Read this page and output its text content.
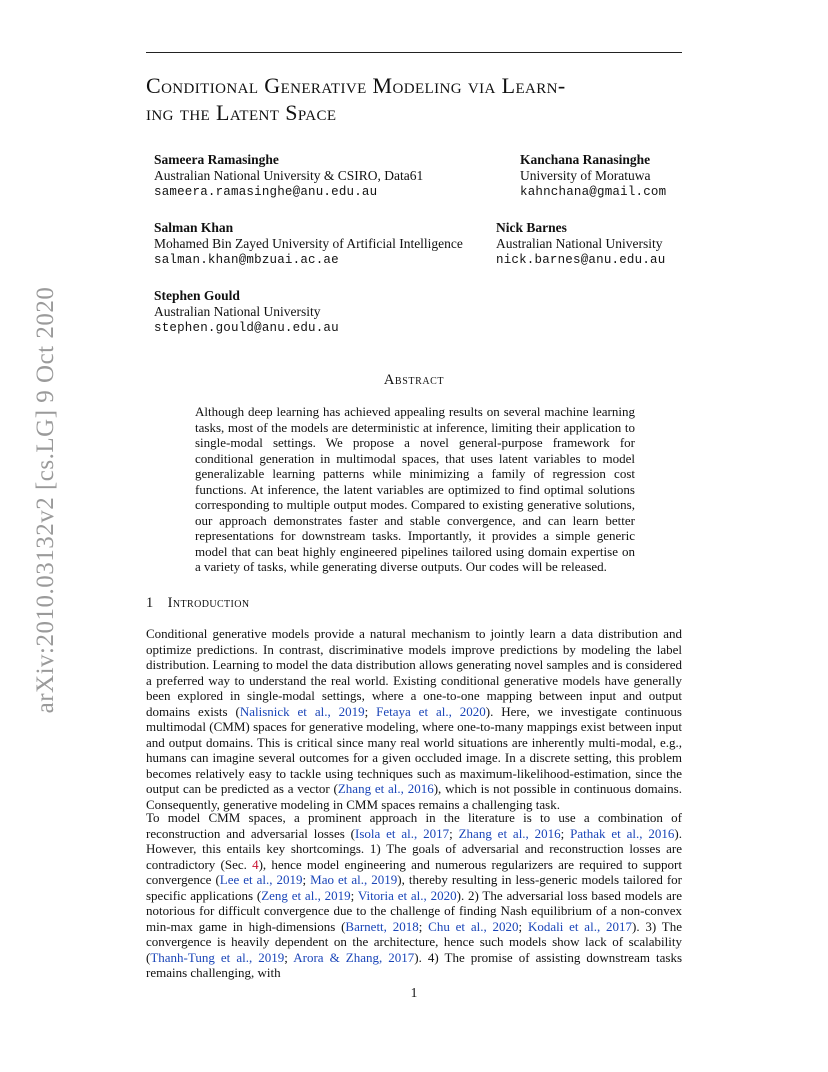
Conditional Generative Modeling via Learn-
ing the Latent Space
Sameera Ramasinghe
Australian National University & CSIRO, Data61
sameera.ramasinghe@anu.edu.au
Kanchana Ranasinghe
University of Moratuwa
kahnchana@gmail.com
Salman Khan
Mohamed Bin Zayed University of Artificial Intelligence
salman.khan@mbzuai.ac.ae
Nick Barnes
Australian National University
nick.barnes@anu.edu.au
Stephen Gould
Australian National University
stephen.gould@anu.edu.au
arXiv:2010.03132v2 [cs.LG] 9 Oct 2020	Abstract
Although deep learning has achieved appealing results on several machine learning tasks, most of the models are deterministic at inference, limiting their application to single-modal settings. We propose a novel general-purpose framework for conditional generation in multimodal spaces, that uses latent variables to model generalizable learning patterns while minimizing a family of regression cost functions. At inference, the latent variables are optimized to find optimal solutions corresponding to multiple output modes. Compared to existing generative solutions, our approach demonstrates faster and stable convergence, and can learn better representations for downstream tasks. Importantly, it provides a simple generic model that can beat highly engineered pipelines tailored using domain expertise on a variety of tasks, while generating diverse outputs. Our codes will be released.
1 Introduction

Conditional generative models provide a natural mechanism to jointly learn a data distribution and optimize predictions. In contrast, discriminative models improve predictions by modeling the label distribution. Learning to model the data distribution allows generating novel samples and is considered a preferred way to understand the real world. Existing conditional generative models have generally been explored in single-modal settings, where a one-to-one mapping between input and output domains exists (Nalisnick et al., 2019; Fetaya et al., 2020). Here, we investigate continuous multimodal (CMM) spaces for generative modeling, where one-to-many mappings exist between input and output domains. This is critical since many real world situations are inherently multi-modal, e.g., humans can imagine several outcomes for a given occluded image. In a discrete setting, this problem becomes relatively easy to tackle using techniques such as maximum-likelihood-estimation, since the output can be predicted as a vector (Zhang et al., 2016), which is not possible in continuous domains. Consequently, generative modeling in CMM spaces remains a challenging task.

To model CMM spaces, a prominent approach in the literature is to use a combination of reconstruction and adversarial losses (Isola et al., 2017; Zhang et al., 2016; Pathak et al., 2016). However, this entails key shortcomings. 1) The goals of adversarial and reconstruction losses are contradictory (Sec. 4), hence model engineering and numerous regularizers are required to support convergence (Lee et al., 2019; Mao et al., 2019), thereby resulting in less-generic models tailored for specific applications (Zeng et al., 2019; Vitoria et al., 2020). 2) The adversarial loss based models are notorious for difficult convergence due to the challenge of finding Nash equilibrium of a non-convex min-max game in high-dimensions (Barnett, 2018; Chu et al., 2020; Kodali et al., 2017). 3) The convergence is heavily dependent on the architecture, hence such models show lack of scalability (Thanh-Tung et al., 2019; Arora & Zhang, 2017). 4) The promise of assisting downstream tasks remains challenging, with

1
